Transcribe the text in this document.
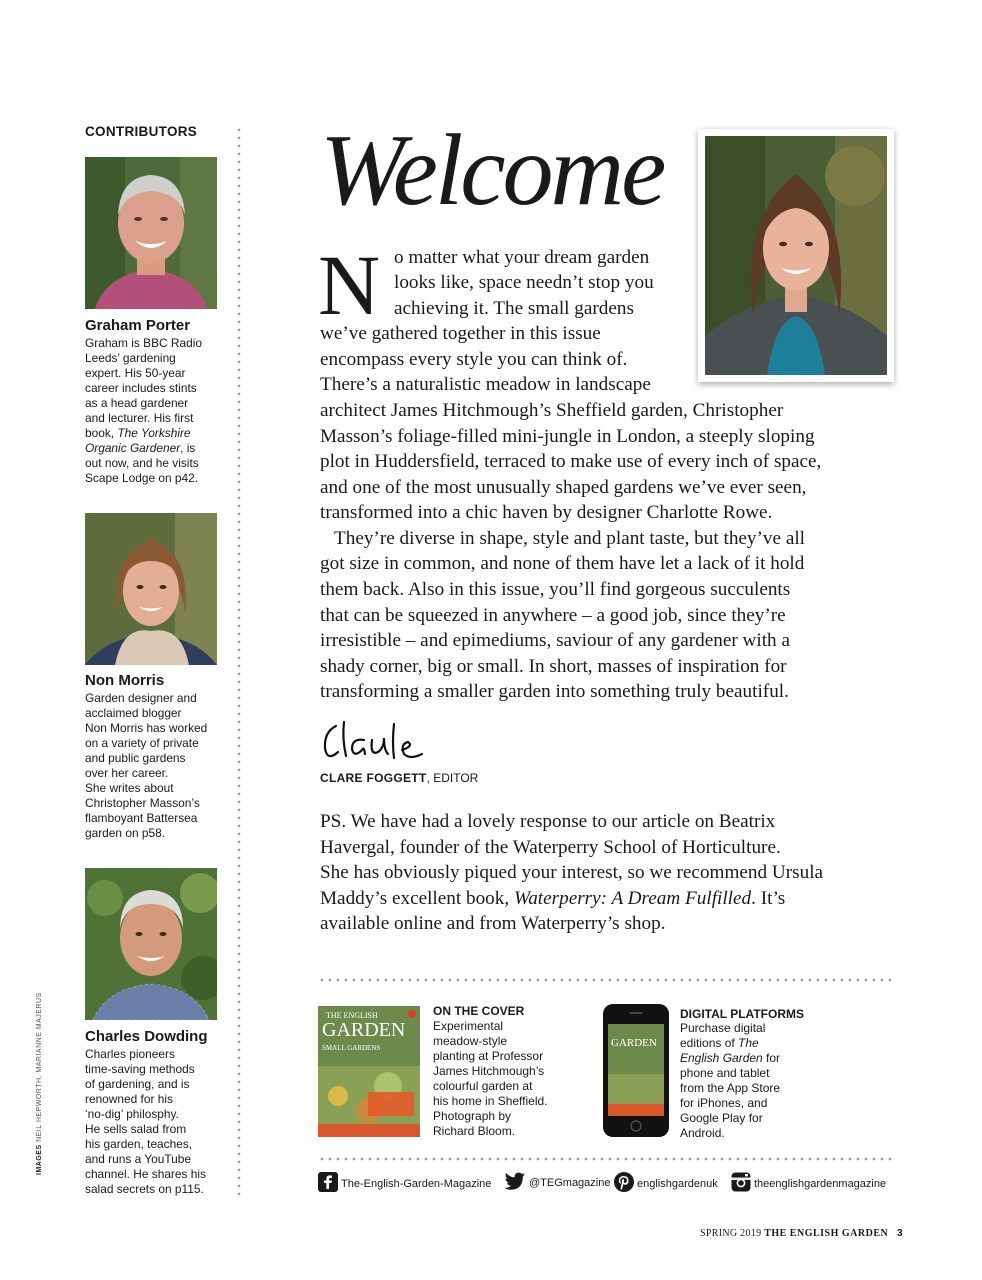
CONTRIBUTORS
Graham Porter
Graham is BBC Radio
Leeds’ gardening
expert. His 50-year
career includes stints
as a head gardener
and lecturer. His first
book, The Yorkshire
Organic Gardener, is
out now, and he visits
Scape Lodge on p42.
Non Morris
Garden designer and
acclaimed blogger
Non Morris has worked
on a variety of private
and public gardens
over her career.
She writes about
Christopher Masson’s
flamboyant Battersea
garden on p58.
Charles Dowding
Charles pioneers
time-saving methods
of gardening, and is
renowned for his
‘no-dig’ philosphy.
He sells salad from
his garden, teaches,
and runs a YouTube
channel. He shares his
salad secrets on p115.
IMAGES NEIL HEPWORTH, MARIANNE MAJERUS
Welcome
N o matter what your dream garden
looks like, space needn’t stop you
achieving it. The small gardens
we’ve gathered together in this issue
encompass every style you can think of.
There’s a naturalistic meadow in landscape
architect James Hitchmough’s Sheffield garden, Christopher
Masson’s foliage-filled mini-jungle in London, a steeply sloping
plot in Huddersfield, terraced to make use of every inch of space,
and one of the most unusually shaped gardens we’ve ever seen,
transformed into a chic haven by designer Charlotte Rowe.
They’re diverse in shape, style and plant taste, but they’ve all
got size in common, and none of them have let a lack of it hold
them back. Also in this issue, you’ll find gorgeous succulents
that can be squeezed in anywhere – a good job, since they’re
irresistible – and epimediums, saviour of any gardener with a
shady corner, big or small. In short, masses of inspiration for
transforming a smaller garden into something truly beautiful.
CLARE FOGGETT, EDITOR
PS. We have had a lovely response to our article on Beatrix
Havergal, founder of the Waterperry School of Horticulture.
She has obviously piqued your interest, so we recommend Ursula
Maddy’s excellent book, Waterperry: A Dream Fulfilled. It’s
available online and from Waterperry’s shop.
THE ENGLISH
GARDEN
SMALL GARDENS
ON THE COVER
Experimental
meadow-style
planting at Professor
James Hitchmough’s
colourful garden at
his home in Sheffield.
Photograph by
Richard Bloom.
GARDEN
DIGITAL PLATFORMS
Purchase digital
editions of The
English Garden for
phone and tablet
from the App Store
for iPhones, and
Google Play for
Android.
The-English-Garden-Magazine	@TEGmagazine englishgardenuk	theenglishgardenmagazine
SPRING 2019 THE ENGLISH GARDEN 3
